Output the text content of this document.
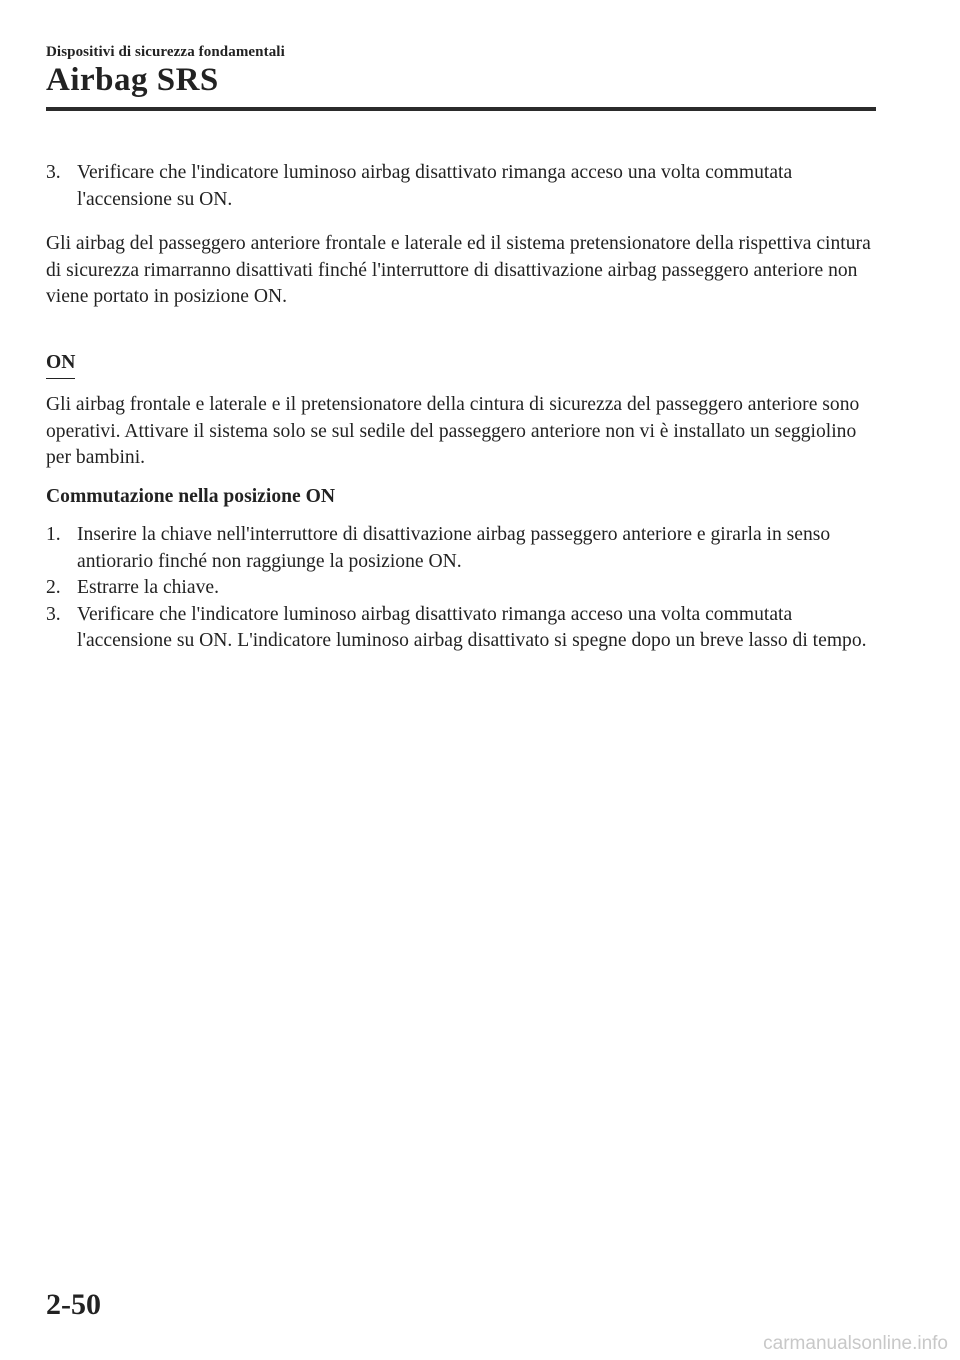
Dispositivi di sicurezza fondamentali
Airbag SRS
3. Verificare che l'indicatore luminoso airbag disattivato rimanga acceso una volta commutata l'accensione su ON.

Gli airbag del passeggero anteriore frontale e laterale ed il sistema pretensionatore della rispettiva cintura di sicurezza rimarranno disattivati finché l'interruttore di disattivazione airbag passeggero anteriore non viene portato in posizione ON.

ON

Gli airbag frontale e laterale e il pretensionatore della cintura di sicurezza del passeggero anteriore sono operativi. Attivare il sistema solo se sul sedile del passeggero anteriore non vi è installato un seggiolino per bambini.

Commutazione nella posizione ON

1. Inserire la chiave nell'interruttore di disattivazione airbag passeggero anteriore e girarla in senso antiorario finché non raggiunge la posizione ON.
2. Estrarre la chiave.
3. Verificare che l'indicatore luminoso airbag disattivato rimanga acceso una volta commutata l'accensione su ON. L'indicatore luminoso airbag disattivato si spegne dopo un breve lasso di tempo.
2-50
carmanualsonline.info
